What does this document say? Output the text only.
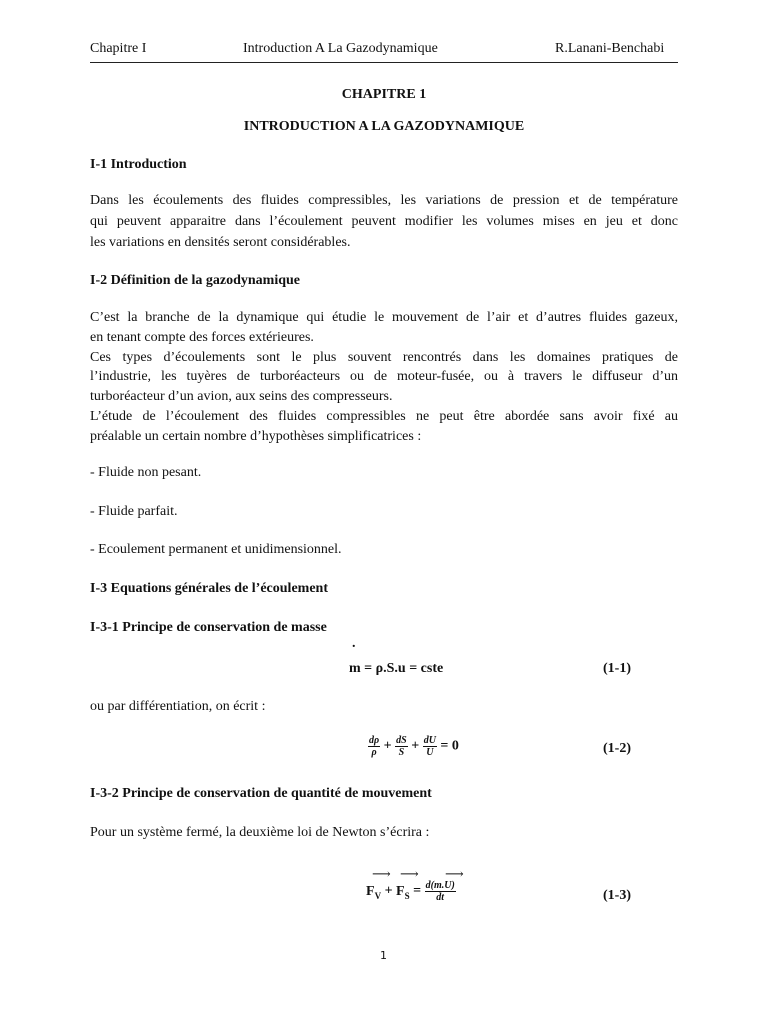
Chapitre I	Introduction A La Gazodynamique	R.Lanani-Benchabi
CHAPITRE 1
INTRODUCTION A LA GAZODYNAMIQUE
I-1 Introduction
Dans les écoulements des fluides compressibles, les variations de pression et de température
qui peuvent apparaitre dans l’écoulement peuvent modifier les volumes mises en jeu et donc
les variations en densités seront considérables.
I-2 Définition de la gazodynamique
C’est la branche de la dynamique qui étudie le mouvement de l’air et d’autres fluides gazeux,
en tenant compte des forces extérieures.
Ces types d’écoulements sont le plus souvent rencontrés dans les domaines pratiques de
l’industrie, les tuyères de turboréacteurs ou de moteur-fusée, ou à travers le diffuseur d’un
turboréacteur d’un avion, aux seins des compresseurs.
L’étude de l’écoulement des fluides compressibles ne peut être abordée sans avoir fixé au
préalable un certain nombre d’hypothèses simplificatrices :
- Fluide non pesant.
- Fluide parfait.
- Ecoulement permanent et unidimensionnel.
I-3 Equations générales de l’écoulement
I-3-1 Principe de conservation de masse
.
m = ρ.S.u = cste	(1-1)
ou par différentiation, on écrit :
$\frac{d\rho}{\rho} + \frac{dS}{S} + \frac{dU}{U} = 0$	(1-2)
I-3-2 Principe de conservation de quantité de mouvement
Pour un système fermé, la deuxième loi de Newton s’écrira :
⟶ ⟶ ⟶
$F_V + F_S = \frac{d(m.U)}{dt}$	(1-3)
1
